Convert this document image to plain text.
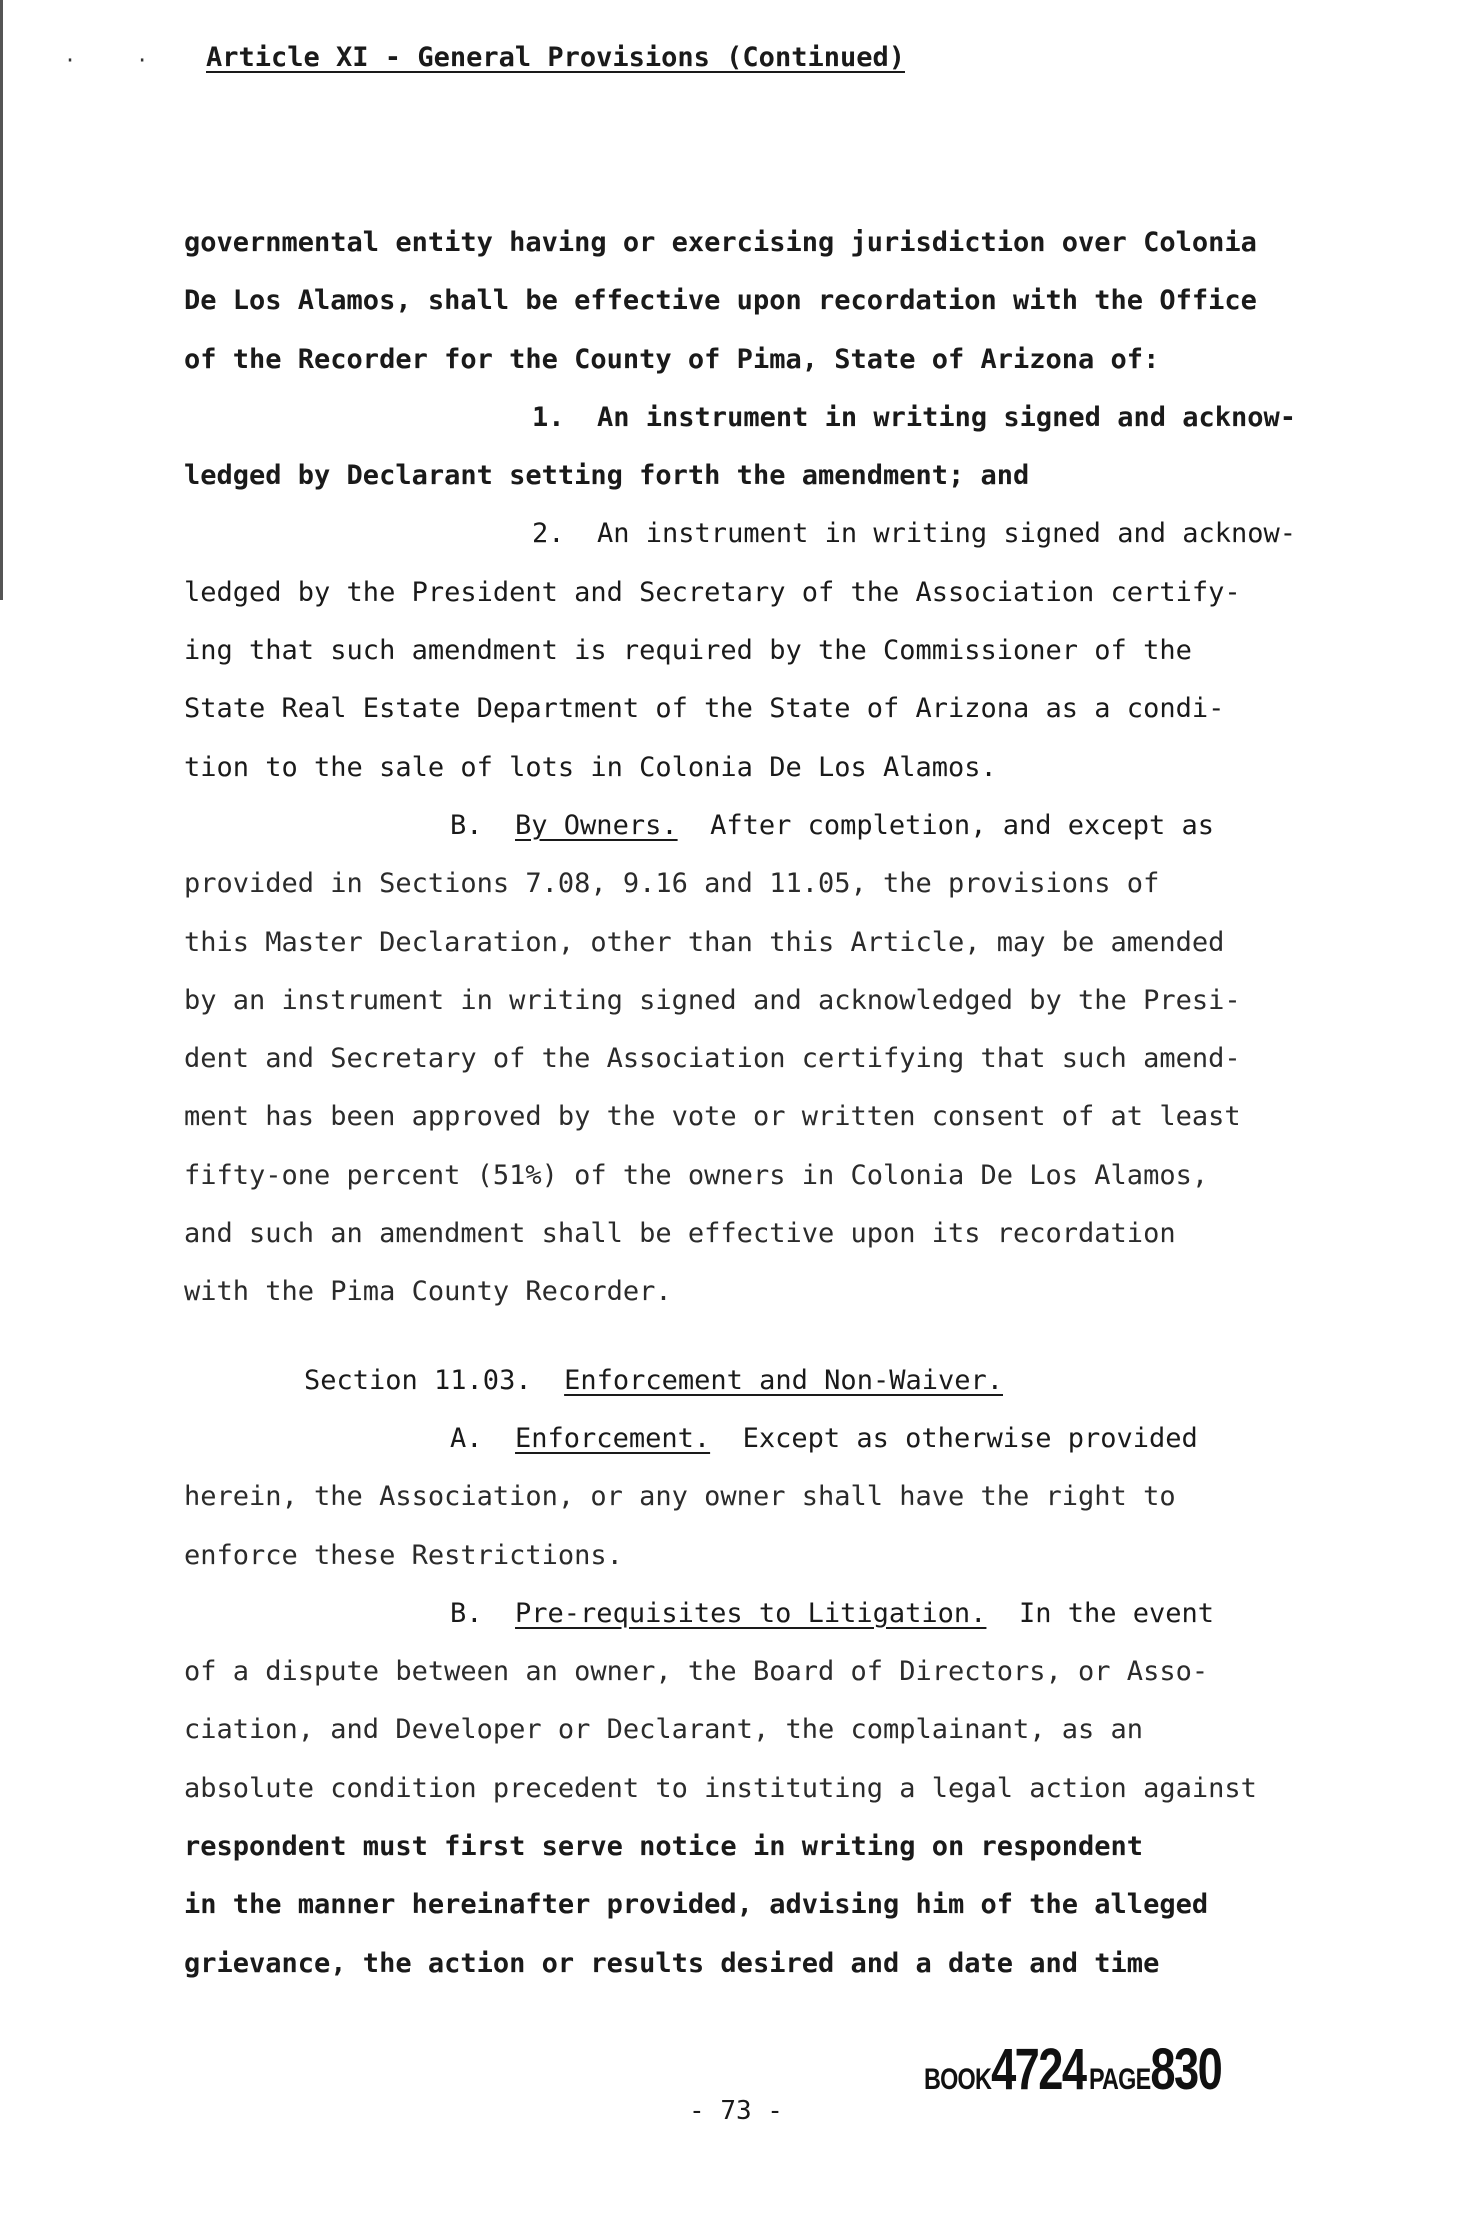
· · Article XI - General Provisions (Continued)
governmental entity having or exercising jurisdiction over Colonia
De Los Alamos, shall be effective upon recordation with the Office
of the Recorder for the County of Pima, State of Arizona of:
1.  An instrument in writing signed and acknow-
ledged by Declarant setting forth the amendment; and
2.  An instrument in writing signed and acknow-
ledged by the President and Secretary of the Association certify-
ing that such amendment is required by the Commissioner of the
State Real Estate Department of the State of Arizona as a condi-
tion to the sale of lots in Colonia De Los Alamos.
B.  By Owners.  After completion, and except as
provided in Sections 7.08, 9.16 and 11.05, the provisions of
this Master Declaration, other than this Article, may be amended
by an instrument in writing signed and acknowledged by the Presi-
dent and Secretary of the Association certifying that such amend-
ment has been approved by the vote or written consent of at least
fifty-one percent (51%) of the owners in Colonia De Los Alamos,
and such an amendment shall be effective upon its recordation
with the Pima County Recorder.
Section 11.03.  Enforcement and Non-Waiver.
A.  Enforcement.  Except as otherwise provided
herein, the Association, or any owner shall have the right to
enforce these Restrictions.
B.  Pre-requisites to Litigation.  In the event
of a dispute between an owner, the Board of Directors, or Asso-
ciation, and Developer or Declarant, the complainant, as an
absolute condition precedent to instituting a legal action against
respondent must first serve notice in writing on respondent
in the manner hereinafter provided, advising him of the alleged
grievance, the action or results desired and a date and time
BOOK4724 PAGE830
- 73 -
